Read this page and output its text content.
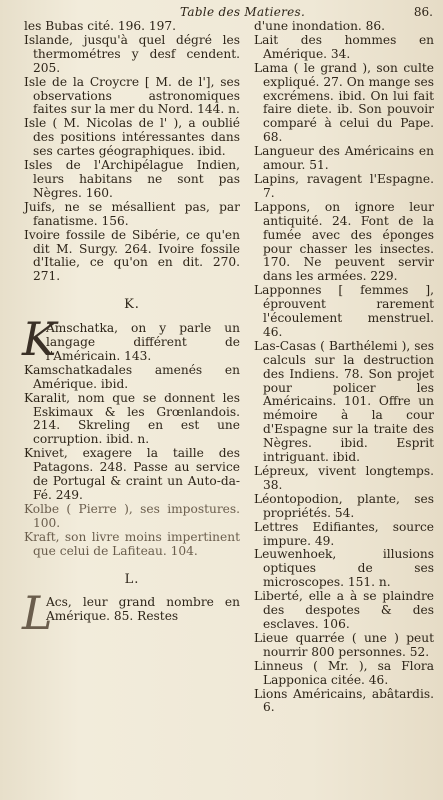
Table des Matieres.	86.

les Bubas cité. 196. 197.

Islande, jusqu'à quel dégré les thermométres y desf cendent. 205.

Isle de la Croycre [ M. de l'], ses observations astronomiques faites sur la mer du Nord. 144. n.

Isle ( M. Nicolas de l' ), a oublié des positions intéressantes dans ses cartes géographiques. ibid.

Isles de l'Archipélague Indien, leurs habitans ne sont pas Nègres. 160.

Juifs, ne se mésallient pas, par fanatisme. 156.

Ivoire fossile de Sibérie, ce qu'en dit M. Surgy. 264. Ivoire fossile d'Italie, ce qu'on en dit. 270. 271.

K.
K
Amschatka, on y parle un langage différent de l'Américain. 143.

Kamschatkadales amenés en Amérique. ibid.

Karalit, nom que se donnent les Eskimaux & les Grœnlandois. 214. Skreling en est une corruption. ibid. n.

Knivet, exagere la taille des Patagons. 248. Passe au service de Portugal & craint un Auto-da-Fé. 249.

Kolbe ( Pierre ), ses impostures. 100.

Kraft, son livre moins impertinent que celui de Lafiteau. 104.

L.
L
Acs, leur grand nombre en Amérique. 85. Restes

d'une inondation. 86.

Lait des hommes en Amérique. 34.

Lama ( le grand ), son culte expliqué. 27. On mange ses excrémens. ibid. On lui fait faire diete. ib. Son pouvoir comparé à celui du Pape. 68.

Langueur des Américains en amour. 51.

Lapins, ravagent l'Espagne. 7.

Lappons, on ignore leur antiquité. 24. Font de la fumée avec des éponges pour chasser les insectes. 170. Ne peuvent servir dans les armées. 229.

Lapponnes [ femmes ], éprouvent rarement l'écoulement menstruel. 46.

Las-Casas ( Barthélemi ), ses calculs sur la destruction des Indiens. 78. Son projet pour policer les Américains. 101. Offre un mémoire à la cour d'Espagne sur la traite des Nègres. ibid. Esprit intriguant. ibid.

Lépreux, vivent longtemps. 38.

Léontopodion, plante, ses propriétés. 54.

Lettres Edifiantes, source impure. 49.

Leuwenhoek, illusions optiques de ses microscopes. 151. n.

Liberté, elle a à se plaindre des despotes & des esclaves. 106.

Lieue quarrée ( une ) peut nourrir 800 personnes. 52.

Linneus ( Mr. ), sa Flora Lapponica citée. 46.

Lions Américains, abâtardis. 6.
